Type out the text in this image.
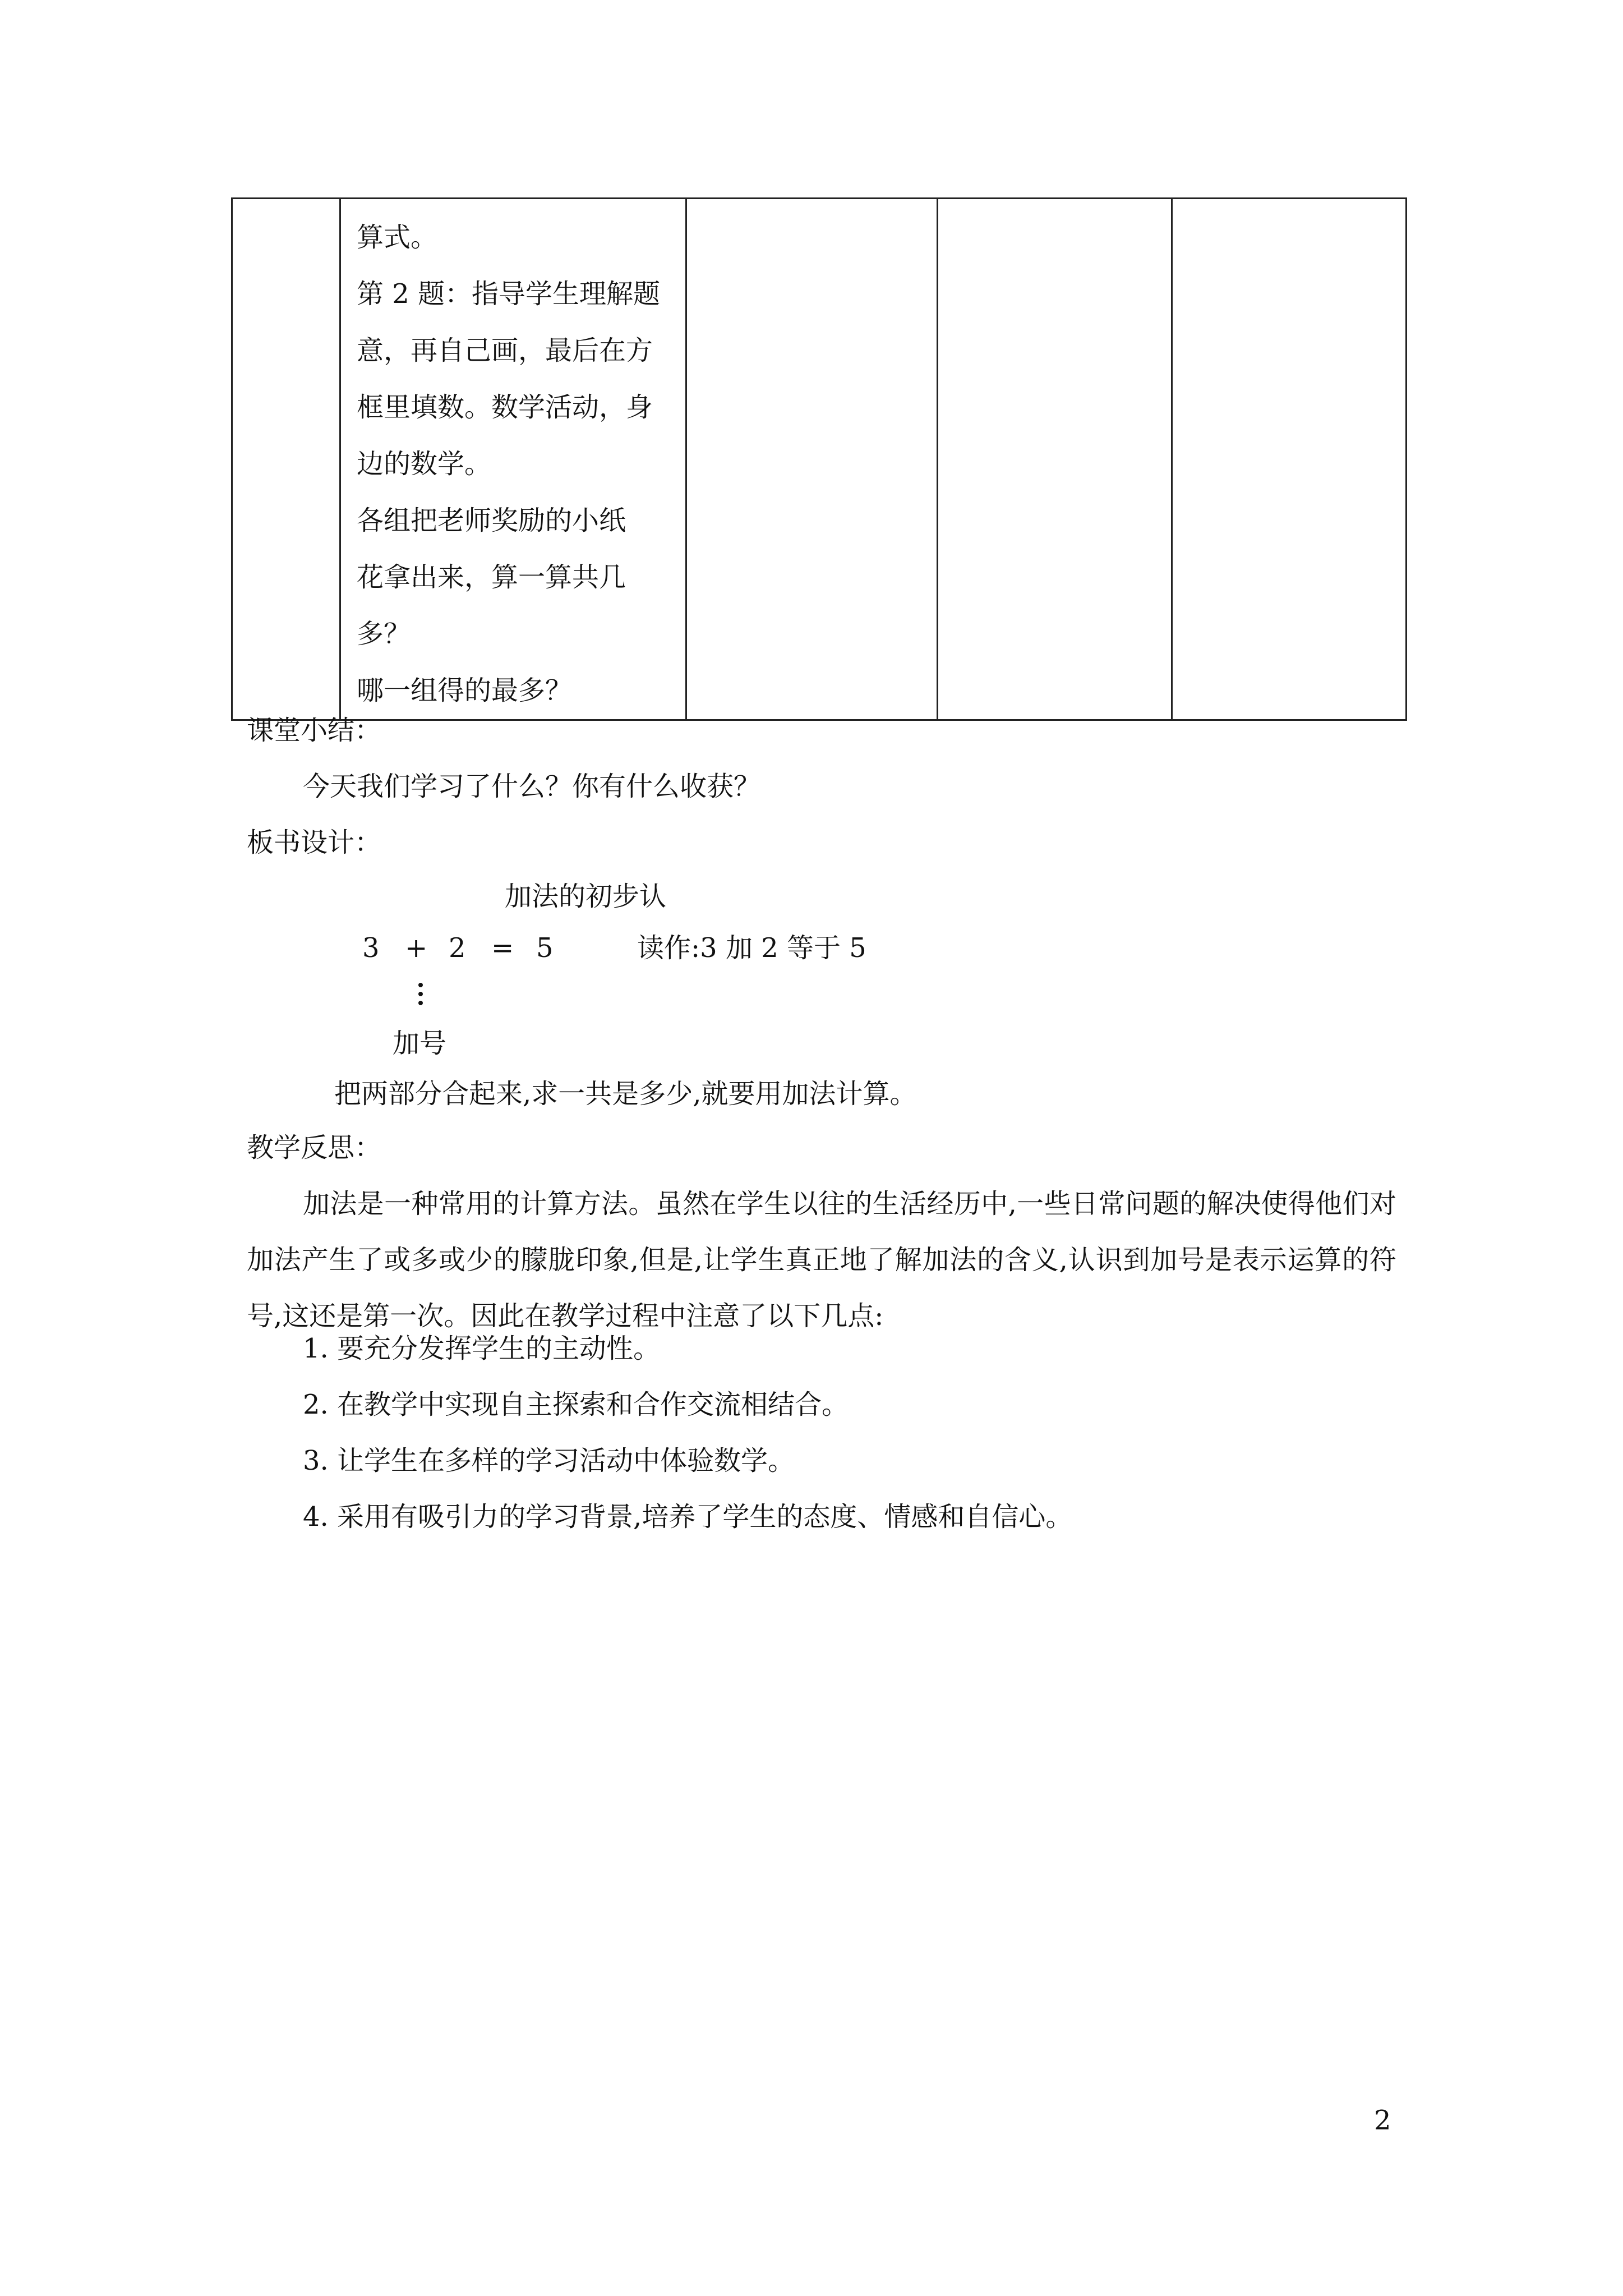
算式。

第 2 题：指导学生理解题

意，再自己画，最后在方

框里填数。数学活动，身

边的数学。

各组把老师奖励的小纸

花拿出来，算一算共几

多？

哪一组得的最多？

课堂小结：
今天我们学习了什么？你有什么收获？
板书设计：
加法的初步认
3 + 2 = 5	读作:3 加 2 等于 5
加号
把两部分合起来,求一共是多少,就要用加法计算。
教学反思：
加法是一种常用的计算方法。虽然在学生以往的生活经历中,一些日常问题的解决使得他们对加法产生了或多或少的朦胧印象,但是,让学生真正地了解加法的含义,认识到加号是表示运算的符号,这还是第一次。因此在教学过程中注意了以下几点:
1. 要充分发挥学生的主动性。
2. 在教学中实现自主探索和合作交流相结合。
3. 让学生在多样的学习活动中体验数学。
4. 采用有吸引力的学习背景,培养了学生的态度、情感和自信心。
2
